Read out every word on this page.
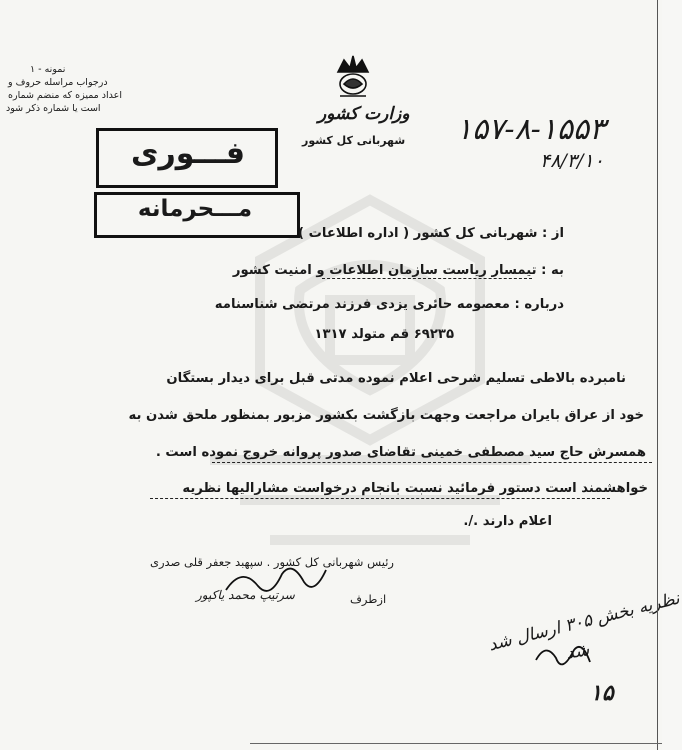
نمونه - ۱
درجواب مراسله حروف و
اعداد ممیزه که منضم شماره
است یا شماره ذکر شود
فـــوری
مـــحرمانه
وزارت کشور
شهربانی کل کشور ۱۵۷-۸-۱۵۵۳
۴۸/۳/۱۰
از : شهربانی کل کشور ( اداره اطلاعات )
به : تیمسار ریاست سازمان اطلاعات و امنیت کشور
درباره : معصومه حائری یزدی فرزند مرتضی شناسنامه
۶۹۲۳۵ قم متولد ۱۳۱۷
نامبرده بالاطی تسلیم شرحی اعلام نموده مدتی قبل برای دیدار بستگان
خود از عراق بایران مراجعت وجهت بازگشت بکشور مزبور بمنظور ملحق شدن به
همسرش حاج سید مصطفی خمینی تقاضای صدور پروانه خروج نموده است .
خواهشمند است دستور فرمائید نسبت بانجام درخواست مشارالیها نظریه
اعلام دارند ./.
رئیس شهربانی کل کشور . سپهبد جعفر قلی صدری
ازطرف
سرتیپ محمد یاکپور
نظریه بخش ۳۰۵ ارسال شد
شد
۱۵
